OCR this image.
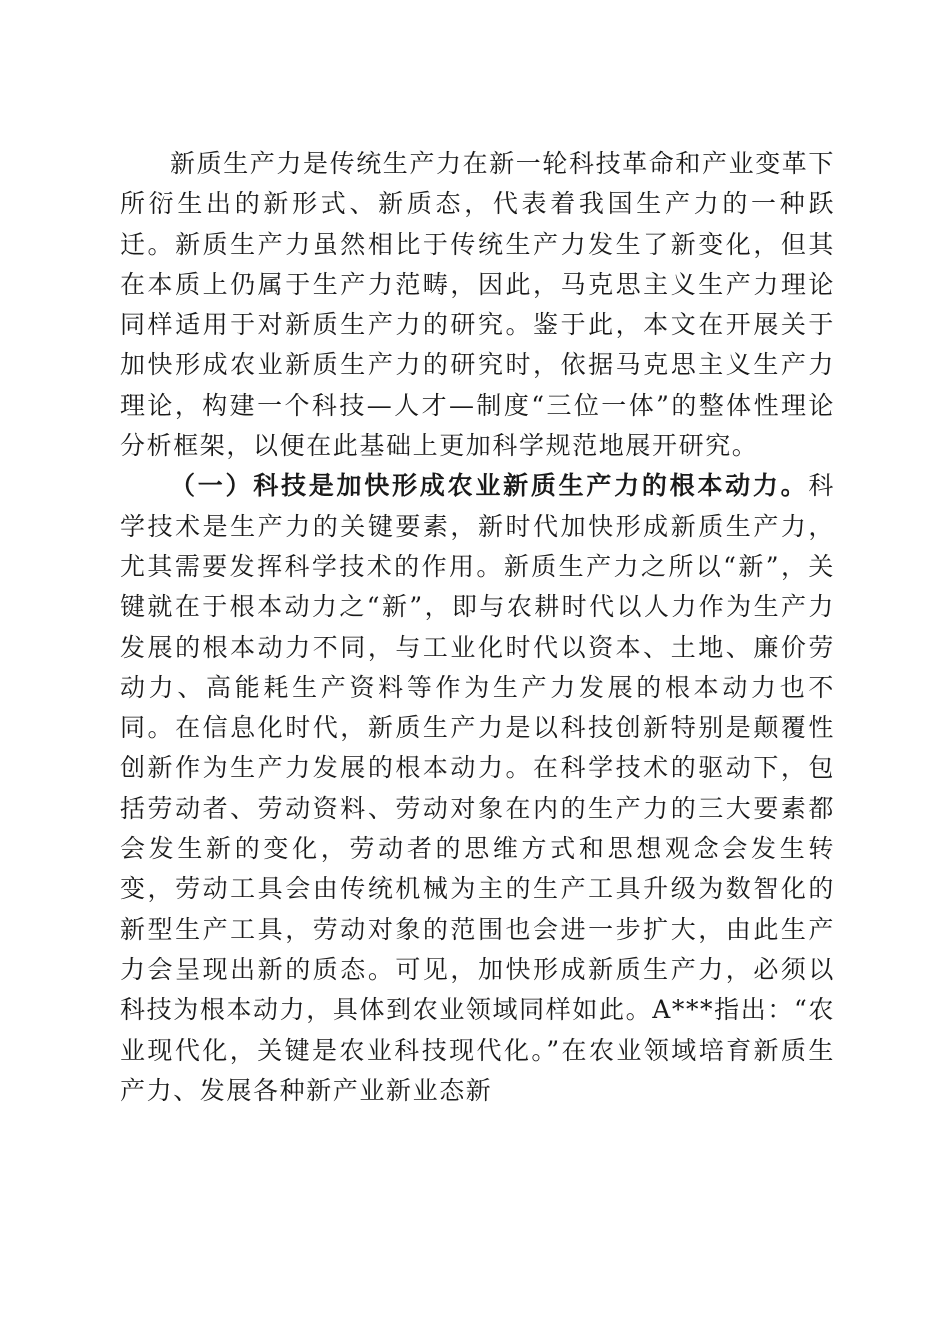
新质生产力是传统生产力在新一轮科技革命和产业变革下所衍生出的新形式、新质态，代表着我国生产力的一种跃迁。新质生产力虽然相比于传统生产力发生了新变化，但其在本质上仍属于生产力范畴，因此，马克思主义生产力理论同样适用于对新质生产力的研究。鉴于此，本文在开展关于加快形成农业新质生产力的研究时，依据马克思主义生产力理论，构建一个科技—人才—制度“三位一体”的整体性理论分析框架，以便在此基础上更加科学规范地展开研究。

（一）科技是加快形成农业新质生产力的根本动力。科学技术是生产力的关键要素，新时代加快形成新质生产力，尤其需要发挥科学技术的作用。新质生产力之所以“新”，关键就在于根本动力之“新”，即与农耕时代以人力作为生产力发展的根本动力不同，与工业化时代以资本、土地、廉价劳动力、高能耗生产资料等作为生产力发展的根本动力也不同。在信息化时代，新质生产力是以科技创新特别是颠覆性创新作为生产力发展的根本动力。在科学技术的驱动下，包括劳动者、劳动资料、劳动对象在内的生产力的三大要素都会发生新的变化，劳动者的思维方式和思想观念会发生转变，劳动工具会由传统机械为主的生产工具升级为数智化的新型生产工具，劳动对象的范围也会进一步扩大，由此生产力会呈现出新的质态。可见，加快形成新质生产力，必须以科技为根本动力，具体到农业领域同样如此。A***指出：“农业现代化，关键是农业科技现代化。”在农业领域培育新质生产力、发展各种新产业新业态新
